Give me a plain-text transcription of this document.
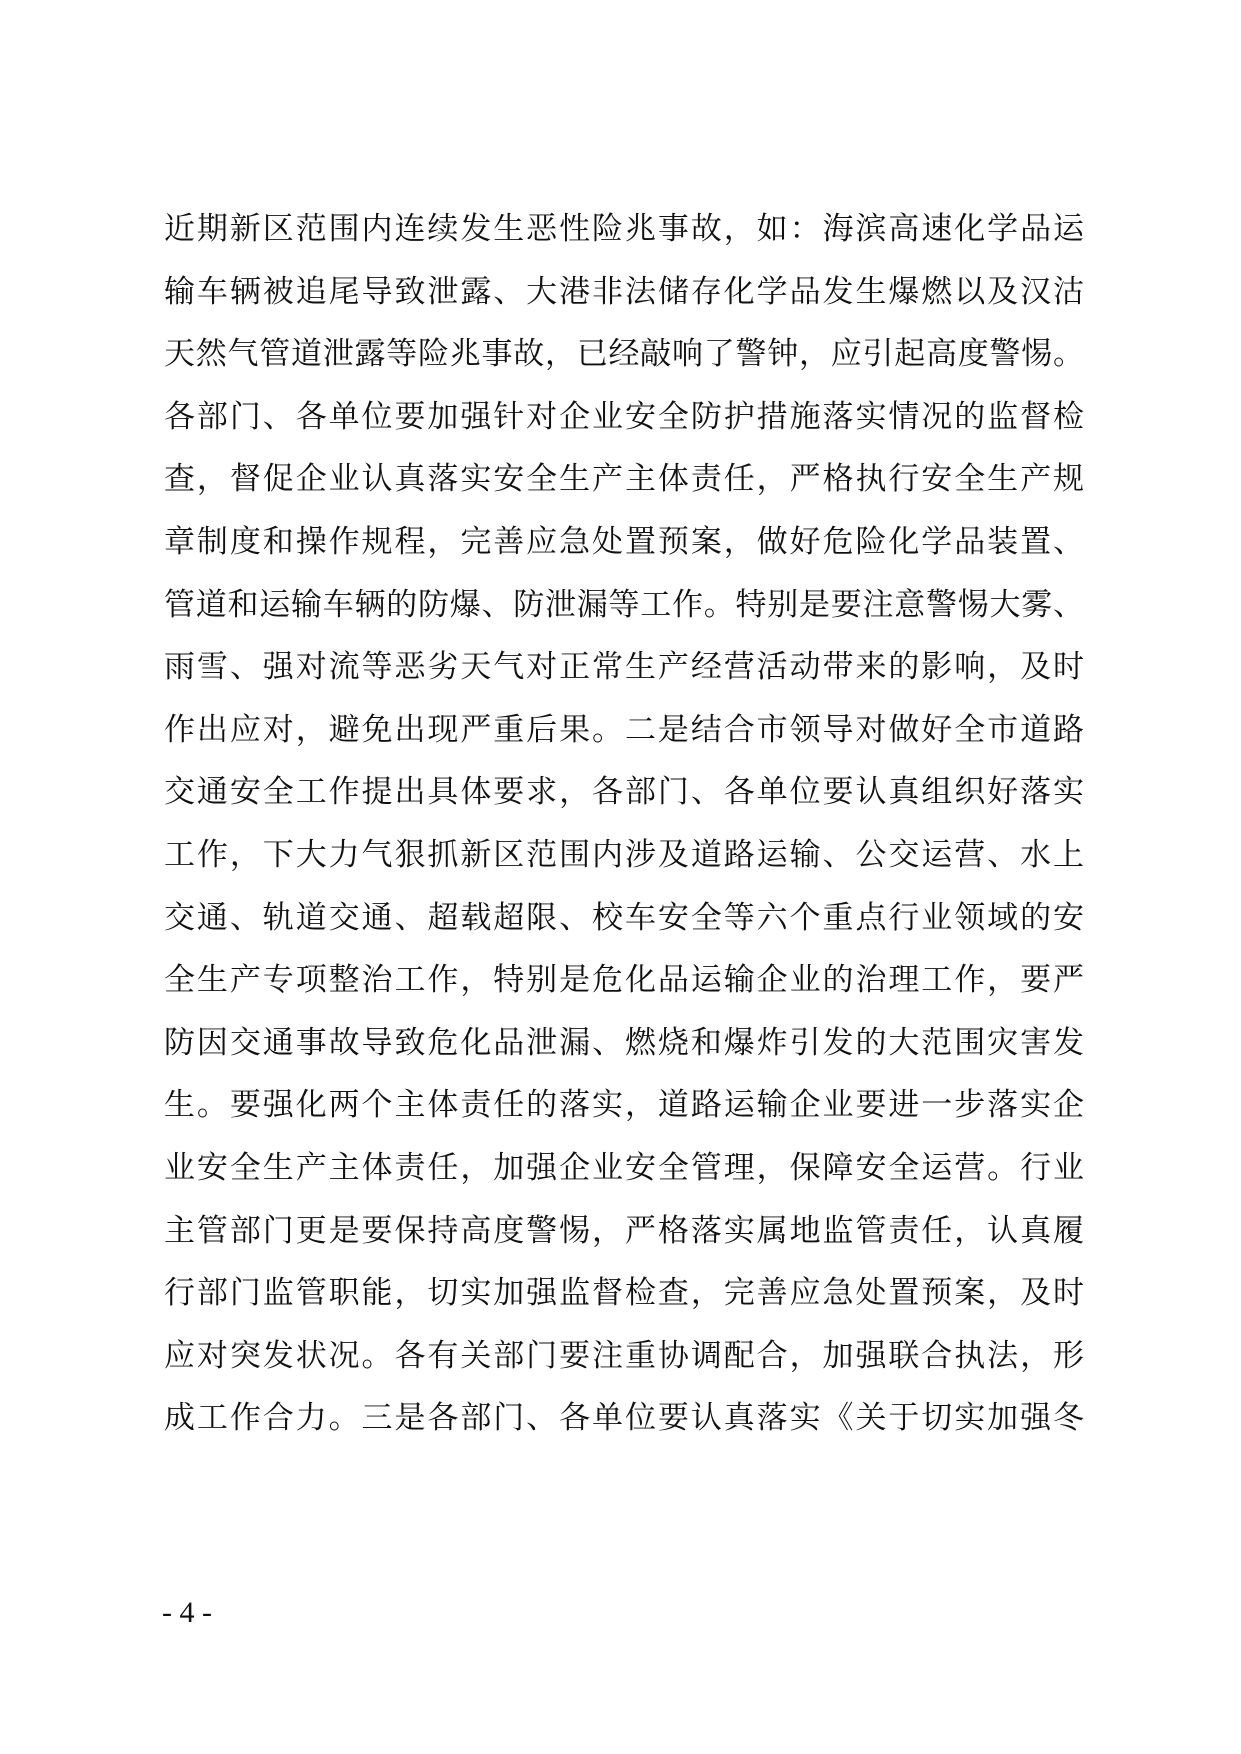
近期新区范围内连续发生恶性险兆事故，如：海滨高速化学品运
输车辆被追尾导致泄露、大港非法储存化学品发生爆燃以及汉沽
天然气管道泄露等险兆事故，已经敲响了警钟，应引起高度警惕。
各部门、各单位要加强针对企业安全防护措施落实情况的监督检
查，督促企业认真落实安全生产主体责任，严格执行安全生产规
章制度和操作规程，完善应急处置预案，做好危险化学品装置、
管道和运输车辆的防爆、防泄漏等工作。特别是要注意警惕大雾、
雨雪、强对流等恶劣天气对正常生产经营活动带来的影响，及时
作出应对，避免出现严重后果。二是结合市领导对做好全市道路
交通安全工作提出具体要求，各部门、各单位要认真组织好落实
工作，下大力气狠抓新区范围内涉及道路运输、公交运营、水上
交通、轨道交通、超载超限、校车安全等六个重点行业领域的安
全生产专项整治工作，特别是危化品运输企业的治理工作，要严
防因交通事故导致危化品泄漏、燃烧和爆炸引发的大范围灾害发
生。要强化两个主体责任的落实，道路运输企业要进一步落实企
业安全生产主体责任，加强企业安全管理，保障安全运营。行业
主管部门更是要保持高度警惕，严格落实属地监管责任，认真履
行部门监管职能，切实加强监督检查，完善应急处置预案，及时
应对突发状况。各有关部门要注重协调配合，加强联合执法，形
成工作合力。三是各部门、各单位要认真落实《关于切实加强冬
- 4 -
